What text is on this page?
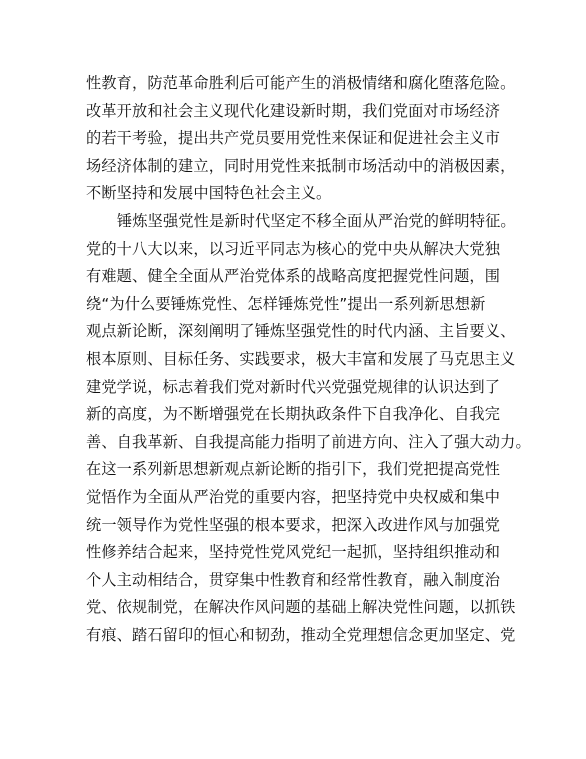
性教育，防范革命胜利后可能产生的消极情绪和腐化堕落危险。
改革开放和社会主义现代化建设新时期，我们党面对市场经济
的若干考验，提出共产党员要用党性来保证和促进社会主义市
场经济体制的建立，同时用党性来抵制市场活动中的消极因素，
不断坚持和发展中国特色社会主义。
锤炼坚强党性是新时代坚定不移全面从严治党的鲜明特征。
党的十八大以来，以习近平同志为核心的党中央从解决大党独
有难题、健全全面从严治党体系的战略高度把握党性问题，围
绕“为什么要锤炼党性、怎样锤炼党性”提出一系列新思想新
观点新论断，深刻阐明了锤炼坚强党性的时代内涵、主旨要义、
根本原则、目标任务、实践要求，极大丰富和发展了马克思主义
建党学说，标志着我们党对新时代兴党强党规律的认识达到了
新的高度，为不断增强党在长期执政条件下自我净化、自我完
善、自我革新、自我提高能力指明了前进方向、注入了强大动力。
在这一系列新思想新观点新论断的指引下，我们党把提高党性
觉悟作为全面从严治党的重要内容，把坚持党中央权威和集中
统一领导作为党性坚强的根本要求，把深入改进作风与加强党
性修养结合起来，坚持党性党风党纪一起抓，坚持组织推动和
个人主动相结合，贯穿集中性教育和经常性教育，融入制度治
党、依规制党，在解决作风问题的基础上解决党性问题，以抓铁
有痕、踏石留印的恒心和韧劲，推动全党理想信念更加坚定、党
